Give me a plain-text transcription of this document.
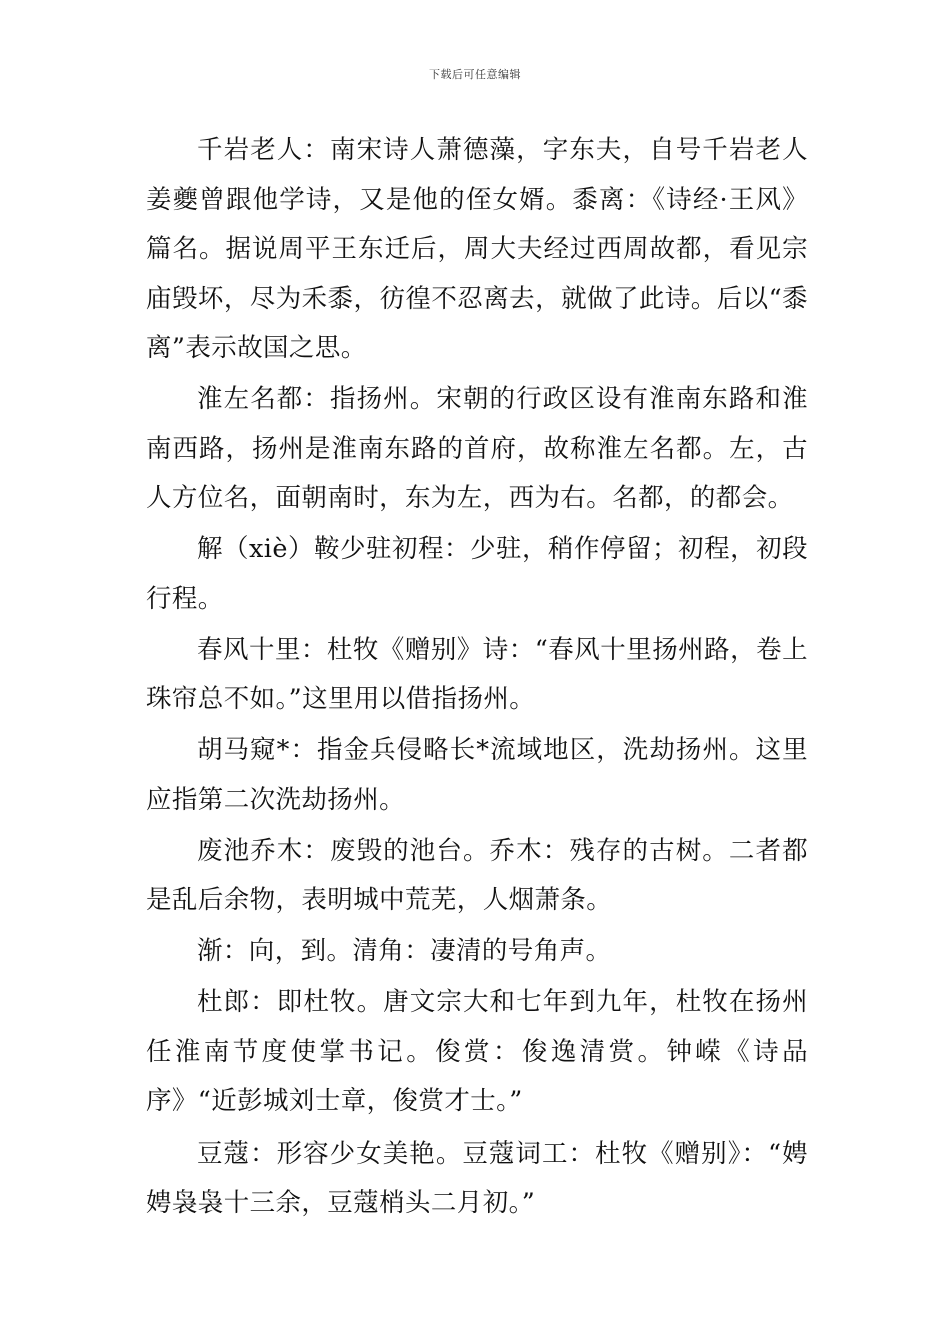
下载后可任意编辑

千岩老人：南宋诗人萧德藻，字东夫，自号千岩老人姜夔曾跟他学诗，又是他的侄女婿。黍离：《诗经·王风》篇名。据说周平王东迁后，周大夫经过西周故都，看见宗庙毁坏，尽为禾黍，彷徨不忍离去，就做了此诗。后以“黍离”表示故国之思。

淮左名都：指扬州。宋朝的行政区设有淮南东路和淮南西路，扬州是淮南东路的首府，故称淮左名都。左，古人方位名，面朝南时，东为左，西为右。名都，的都会。

解（xiè）鞍少驻初程：少驻，稍作停留；初程，初段行程。

春风十里：杜牧《赠别》诗：“春风十里扬州路，卷上珠帘总不如。”这里用以借指扬州。

胡马窥*：指金兵侵略长*流域地区，洗劫扬州。这里应指第二次洗劫扬州。

废池乔木：废毁的池台。乔木：残存的古树。二者都是乱后余物，表明城中荒芜，人烟萧条。

渐：向，到。清角：凄清的号角声。

杜郎：即杜牧。唐文宗大和七年到九年，杜牧在扬州任淮南节度使掌书记。俊赏：俊逸清赏。钟嵘《诗品序》“近彭城刘士章，俊赏才士。”

豆蔻：形容少女美艳。豆蔻词工：杜牧《赠别》：“娉娉袅袅十三余，豆蔻梢头二月初。”
